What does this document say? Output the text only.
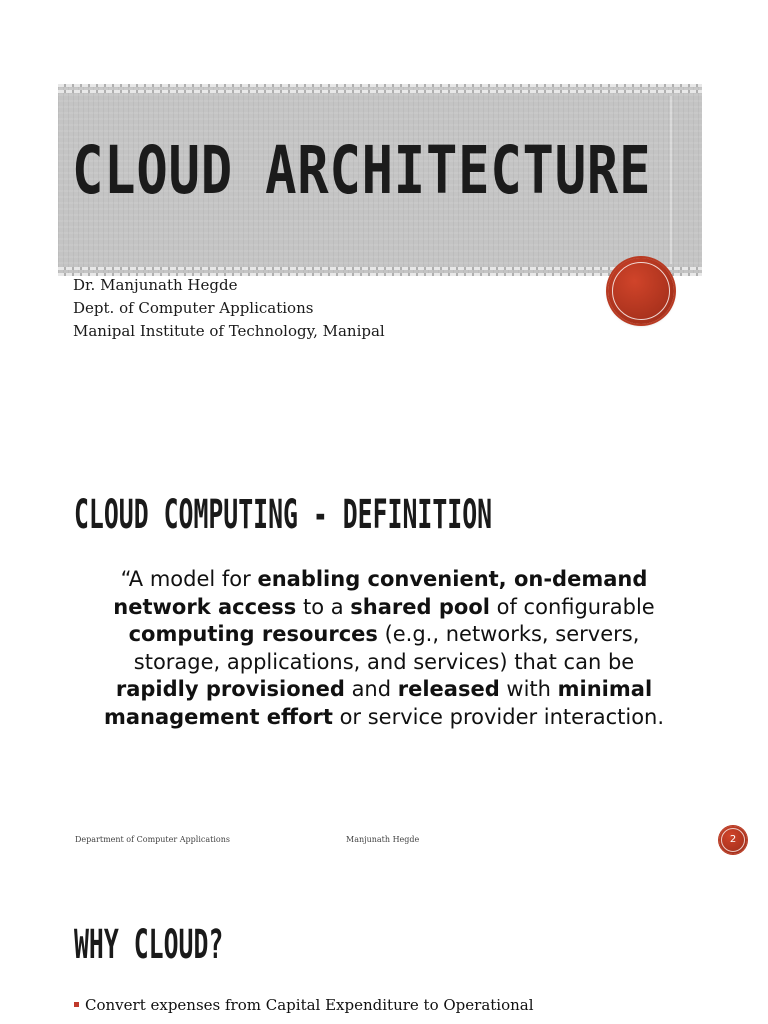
CLOUD ARCHITECTURE
Dr. Manjunath Hegde
Dept. of Computer Applications
Manipal Institute of Technology, Manipal
CLOUD COMPUTING - DEFINITION
“A model for enabling convenient, on-demand
network access to a shared pool of configurable
computing resources (e.g., networks, servers,
storage, applications, and services) that can be
rapidly provisioned and released with minimal
management effort or service provider interaction.
Department of Computer Applications	Manjunath Hegde	2
WHY CLOUD?
Convert expenses from Capital Expenditure to Operational
